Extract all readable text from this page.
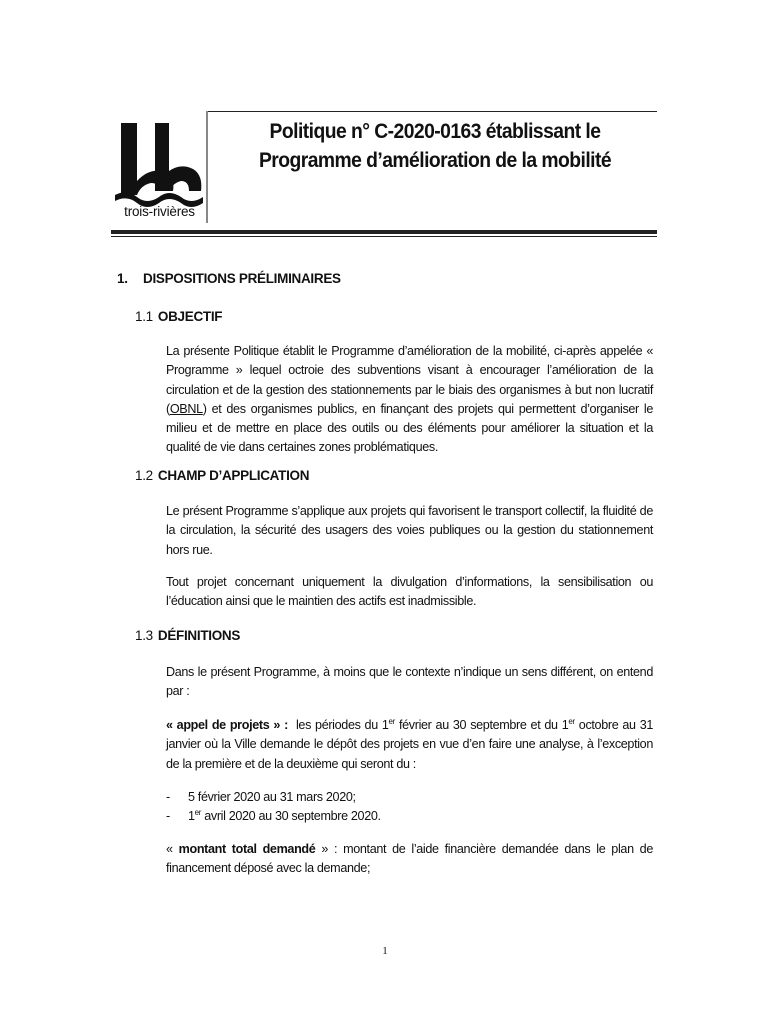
trois-rivières
Politique n° C-2020-0163 établissant le
Programme d’amélioration de la mobilité
1. DISPOSITIONS PRÉLIMINAIRES
1.1 OBJECTIF
La présente Politique établit le Programme d’amélioration de la mobilité, ci-après appelée « Programme » lequel octroie des subventions visant à encourager l’amélioration de la circulation et de la gestion des stationnements par le biais des organismes à but non lucratif (OBNL) et des organismes publics, en finançant des projets qui permettent d’organiser le milieu et de mettre en place des outils ou des éléments pour améliorer la situation et la qualité de vie dans certaines zones problématiques.
1.2 CHAMP D’APPLICATION
Le présent Programme s’applique aux projets qui favorisent le transport collectif, la fluidité de la circulation, la sécurité des usagers des voies publiques ou la gestion du stationnement hors rue.
Tout projet concernant uniquement la divulgation d’informations, la sensibilisation ou l’éducation ainsi que le maintien des actifs est inadmissible.
1.3 DÉFINITIONS
Dans le présent Programme, à moins que le contexte n’indique un sens différent, on entend par :
« appel de projets » : les périodes du 1er février au 30 septembre et du 1er octobre au 31 janvier où la Ville demande le dépôt des projets en vue d’en faire une analyse, à l’exception de la première et de la deuxième qui seront du :
-	5 février 2020 au 31 mars 2020;
-	1er avril 2020 au 30 septembre 2020.
« montant total demandé » : montant de l’aide financière demandée dans le plan de financement déposé avec la demande;
1
